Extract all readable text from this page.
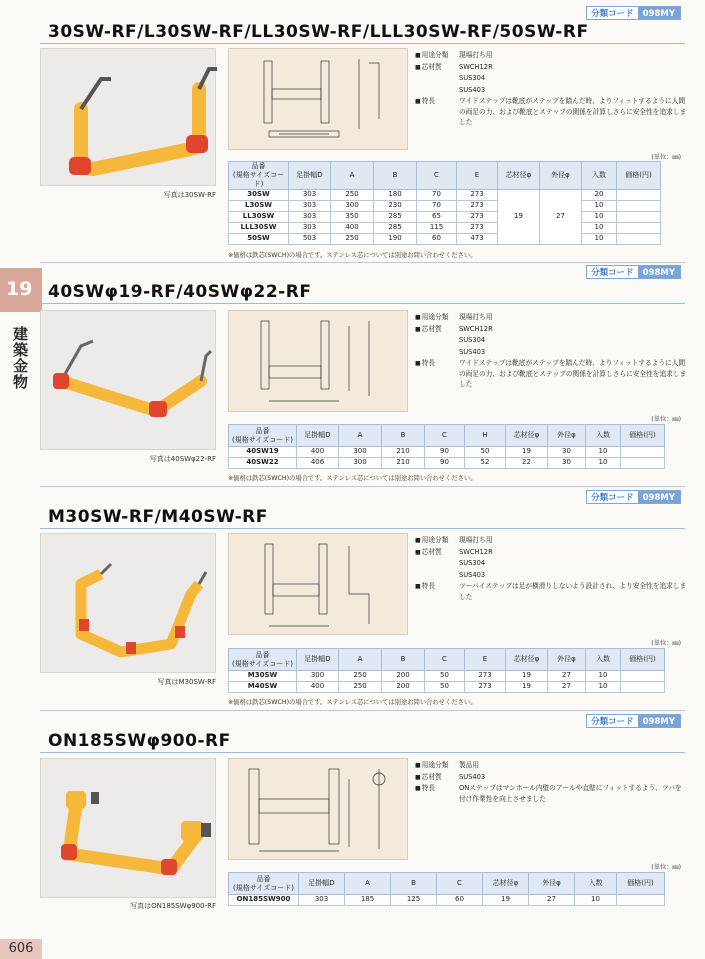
19
建築金物
606
分類コード	098MY
30SW-RF/L30SW-RF/LL30SW-RF/LLL30SW-RF/50SW-RF
写真は30SW-RF
■ 用途分類	現場打ち用
■ 芯材質	SWCH12R
SUS304
SUS403
■ 特長	ワイドステップは靴底がステップを踏んだ時、よりフィットするように人間の両足の力、および靴底とステップの関係を計算しさらに安全性を追求しました
(単位：㎜)
品番
(規格サイズコード)	足掛幅D	A	B	C	E	芯材径φ	外径φ	入数	価格(円)
30SW	303	250	180	70	273	19	27	20	
L30SW	303	300	230	70	273			10	
LL30SW	303	350	285	65	273			10	
LLL30SW	303	400	285	115	273			10	
50SW	503	250	190	60	473			10	
※価格は鉄芯(SWCH)の場合です。ステンレス芯については別途お問い合わせください。
分類コード	098MY
40SWφ19-RF/40SWφ22-RF
写真は40SWφ22-RF
■ 用途分類	現場打ち用
■ 芯材質	SWCH12R
SUS304
SUS403
■ 特長	ワイドステップは靴底がステップを踏んだ時、よりフィットするように人間の両足の力、および靴底とステップの関係を計算しさらに安全性を追求しました
(単位：㎜)
品番
(規格サイズコード)	足掛幅D	A	B	C	H	芯材径φ	外径φ	入数	価格(円)
40SW19	400	300	210	90	50	19	30	10	
40SW22	406	300	210	90	52	22	30	10	
※価格は鉄芯(SWCH)の場合です。ステンレス芯については別途お問い合わせください。
分類コード	098MY
M30SW-RF/M40SW-RF
写真はM30SW-RF
■ 用途分類	現場打ち用
■ 芯材質	SWCH12R
SUS304
SUS403
■ 特長	ツーバイステップは足が横滑りしないよう設計され、より安全性を追求しました
(単位：㎜)
品番
(規格サイズコード)	足掛幅D	A	B	C	E	芯材径φ	外径φ	入数	価格(円)
M30SW	300	250	200	50	273	19	27	10	
M40SW	400	250	200	50	273	19	27	10	
※価格は鉄芯(SWCH)の場合です。ステンレス芯については別途お問い合わせください。
分類コード	098MY
ON185SWφ900-RF
写真はON185SWφ900-RF
■ 用途分類	製品用
■ 芯材質	SUS403
■ 特長	ONステップはマンホール内壁のアールや直壁にフィットするよう、ツバを付け作業性を向上させました
(単位：㎜)
品番
(規格サイズコード)	足掛幅D	A	B	C	芯材径φ	外径φ	入数	価格(円)
ON185SW900	303	185	125	60	19	27	10	
